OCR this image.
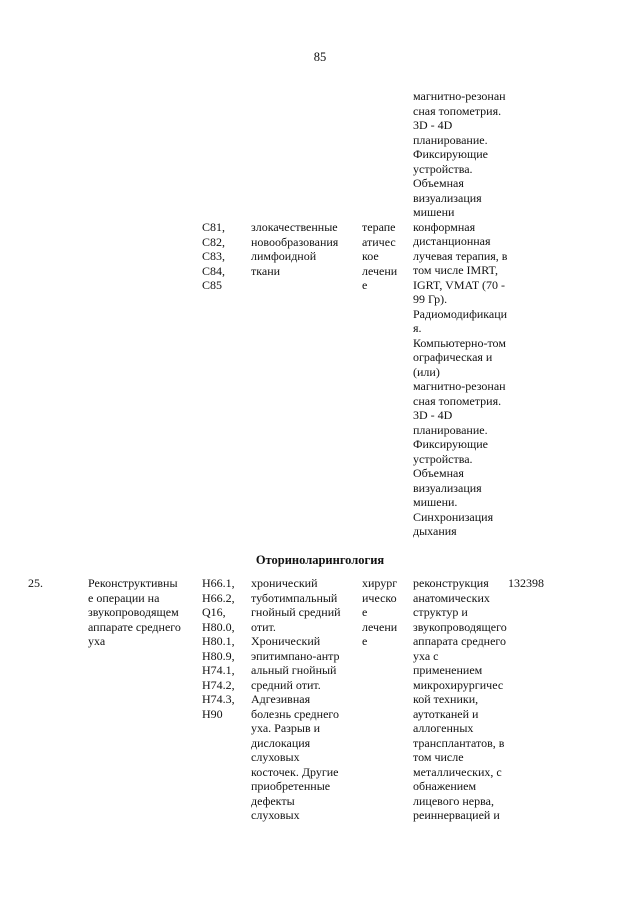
85
C81,
C82,
C83,
C84,
C85
злокачественные
новообразования
лимфоидной
ткани
терапе
атичес
кое
лечени
е
магнитно-резонан
сная топометрия.
3D - 4D
планирование.
Фиксирующие
устройства.
Объемная
визуализация
мишени
конформная
дистанционная
лучевая терапия, в
том числе IMRT,
IGRT, VMAT (70 -
99 Гр).
Радиомодификаци
я.
Компьютерно-том
ографическая и
(или)
магнитно-резонан
сная топометрия.
3D - 4D
планирование.
Фиксирующие
устройства.
Объемная
визуализация
мишени.
Синхронизация
дыхания
Оториноларингология
25.	Реконструктивны
е операции на
звукопроводящем
аппарате среднего
уха
H66.1,
H66.2,
Q16,
H80.0,
H80.1,
H80.9,
H74.1,
H74.2,
H74.3,
H90
хронический
туботимпальный
гнойный средний
отит.
Хронический
эпитимпано-антр
альный гнойный
средний отит.
Адгезивная
болезнь среднего
уха. Разрыв и
дислокация
слуховых
косточек. Другие
приобретенные
дефекты
слуховых
хирург
ическо
е
лечени
е
реконструкция
анатомических
структур и
звукопроводящего
аппарата среднего
уха с
применением
микрохирургичес
кой техники,
аутотканей и
аллогенных
трансплантатов, в
том числе
металлических, с
обнажением
лицевого нерва,
реиннервацией и
132398
